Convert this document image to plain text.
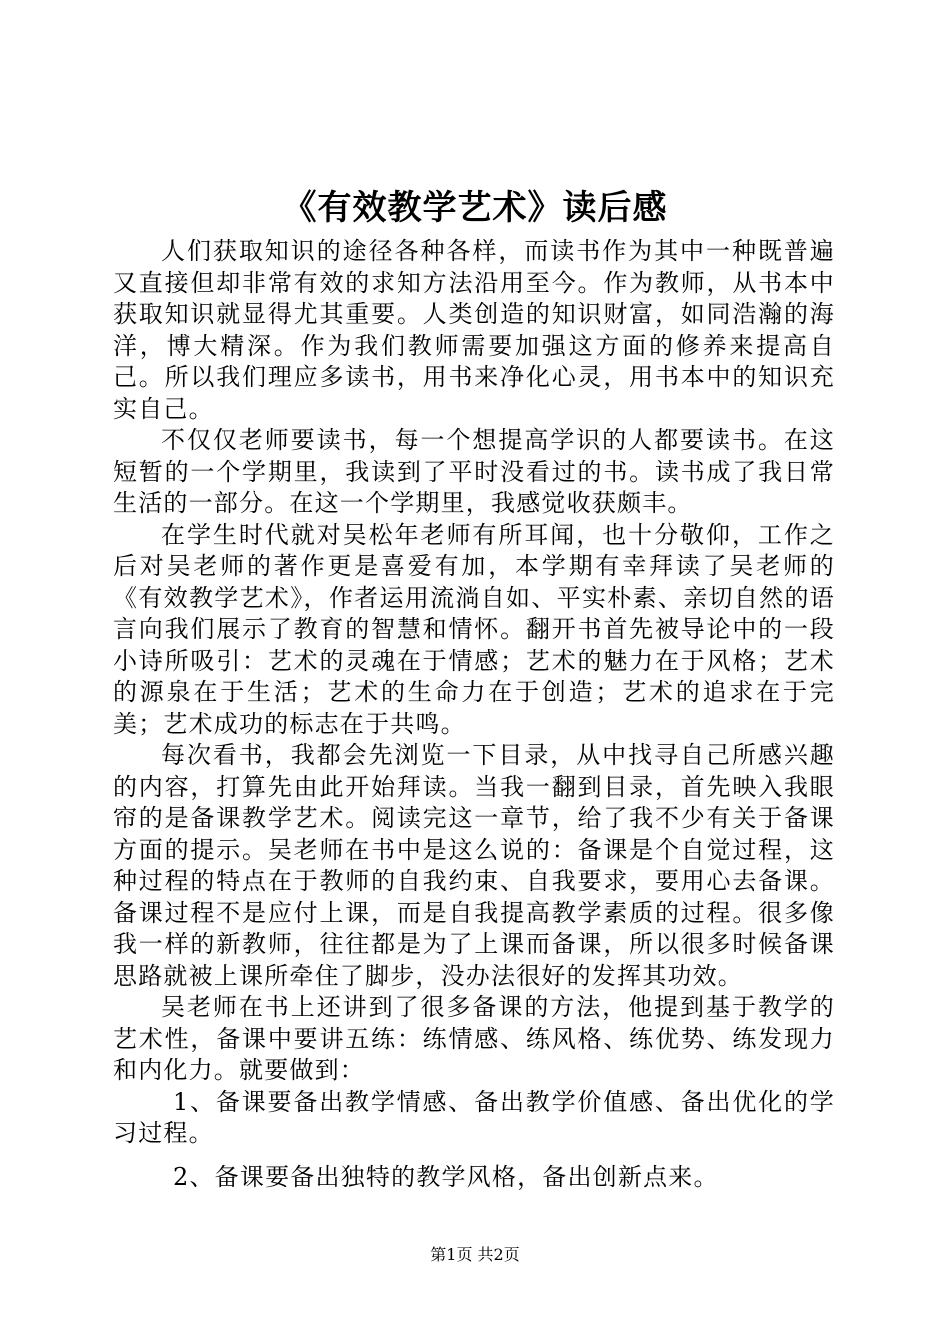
《有效教学艺术》读后感

人们获取知识的途径各种各样，而读书作为其中一种既普遍又直接但却非常有效的求知方法沿用至今。作为教师，从书本中获取知识就显得尤其重要。人类创造的知识财富，如同浩瀚的海洋，博大精深。作为我们教师需要加强这方面的修养来提高自己。所以我们理应多读书，用书来净化心灵，用书本中的知识充实自己。

不仅仅老师要读书，每一个想提高学识的人都要读书。在这短暂的一个学期里，我读到了平时没看过的书。读书成了我日常生活的一部分。在这一个学期里，我感觉收获颇丰。

在学生时代就对吴松年老师有所耳闻，也十分敬仰，工作之后对吴老师的著作更是喜爱有加，本学期有幸拜读了吴老师的《有效教学艺术》，作者运用流淌自如、平实朴素、亲切自然的语言向我们展示了教育的智慧和情怀。翻开书首先被导论中的一段小诗所吸引：艺术的灵魂在于情感；艺术的魅力在于风格；艺术的源泉在于生活；艺术的生命力在于创造；艺术的追求在于完美；艺术成功的标志在于共鸣。

每次看书，我都会先浏览一下目录，从中找寻自己所感兴趣的内容，打算先由此开始拜读。当我一翻到目录，首先映入我眼帘的是备课教学艺术。阅读完这一章节，给了我不少有关于备课方面的提示。吴老师在书中是这么说的：备课是个自觉过程，这种过程的特点在于教师的自我约束、自我要求，要用心去备课。备课过程不是应付上课，而是自我提高教学素质的过程。很多像我一样的新教师，往往都是为了上课而备课，所以很多时候备课思路就被上课所牵住了脚步，没办法很好的发挥其功效。

吴老师在书上还讲到了很多备课的方法，他提到基于教学的艺术性，备课中要讲五练：练情感、练风格、练优势、练发现力和内化力。就要做到：

1、备课要备出教学情感、备出教学价值感、备出优化的学习过程。

2、备课要备出独特的教学风格，备出创新点来。

第1页 共2页
